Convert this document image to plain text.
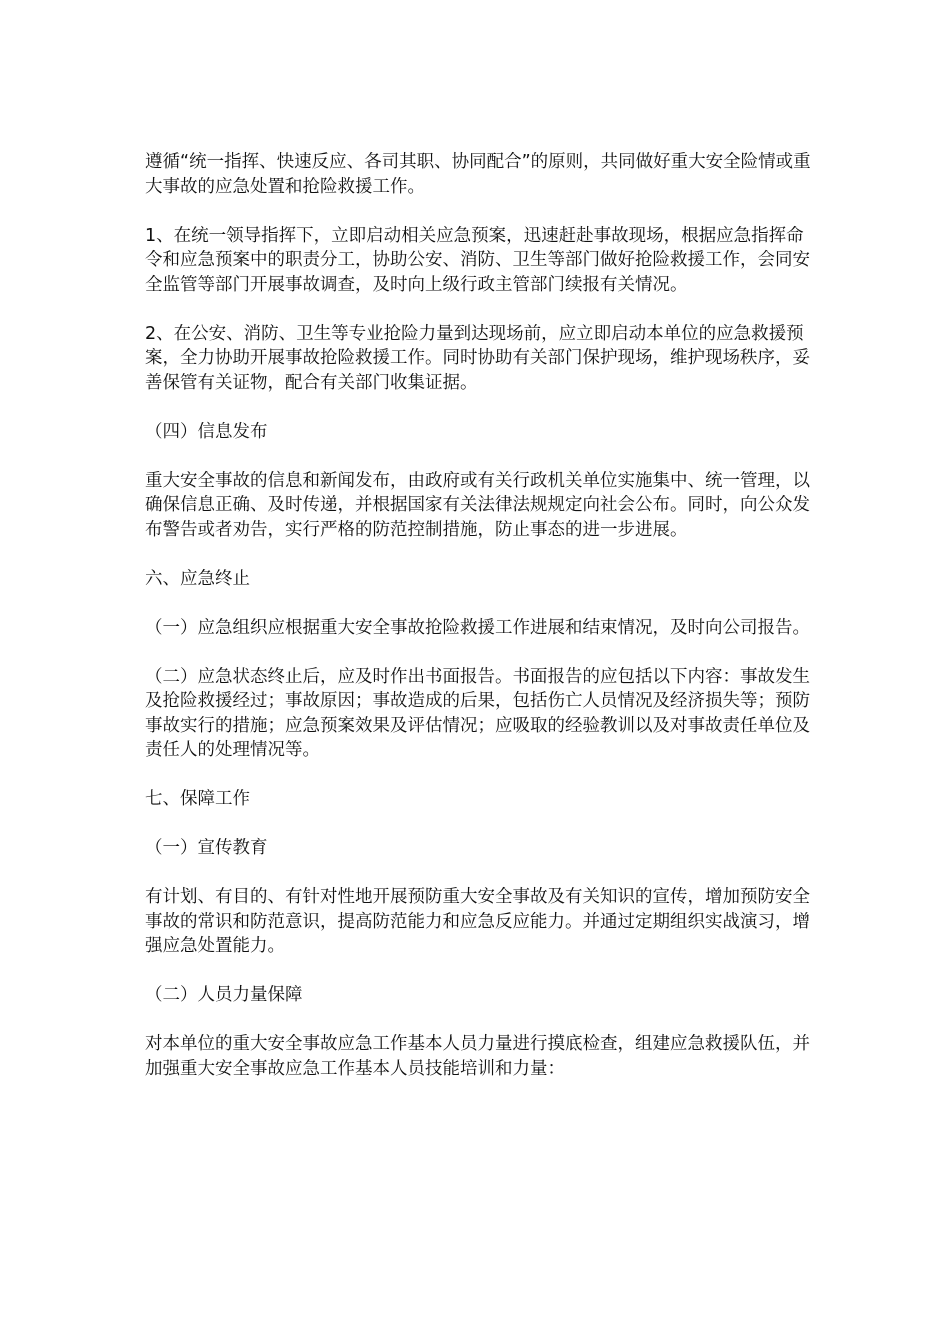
遵循“统一指挥、快速反应、各司其职、协同配合”的原则，共同做好重大安全险情或重大事故的应急处置和抢险救援工作。

1、在统一领导指挥下，立即启动相关应急预案，迅速赶赴事故现场，根据应急指挥命令和应急预案中的职责分工，协助公安、消防、卫生等部门做好抢险救援工作，会同安全监管等部门开展事故调查，及时向上级行政主管部门续报有关情况。

2、在公安、消防、卫生等专业抢险力量到达现场前，应立即启动本单位的应急救援预案，全力协助开展事故抢险救援工作。同时协助有关部门保护现场，维护现场秩序，妥善保管有关证物，配合有关部门收集证据。

（四）信息发布

重大安全事故的信息和新闻发布，由政府或有关行政机关单位实施集中、统一管理，以确保信息正确、及时传递，并根据国家有关法律法规规定向社会公布。同时，向公众发布警告或者劝告，实行严格的防范控制措施，防止事态的进一步进展。

六、应急终止

（一）应急组织应根据重大安全事故抢险救援工作进展和结束情况，及时向公司报告。

（二）应急状态终止后，应及时作出书面报告。书面报告的应包括以下内容：事故发生及抢险救援经过；事故原因；事故造成的后果，包括伤亡人员情况及经济损失等；预防事故实行的措施；应急预案效果及评估情况；应吸取的经验教训以及对事故责任单位及责任人的处理情况等。

七、保障工作

（一）宣传教育

有计划、有目的、有针对性地开展预防重大安全事故及有关知识的宣传，增加预防安全事故的常识和防范意识，提高防范能力和应急反应能力。并通过定期组织实战演习，增强应急处置能力。

（二）人员力量保障

对本单位的重大安全事故应急工作基本人员力量进行摸底检查，组建应急救援队伍，并加强重大安全事故应急工作基本人员技能培训和力量：
